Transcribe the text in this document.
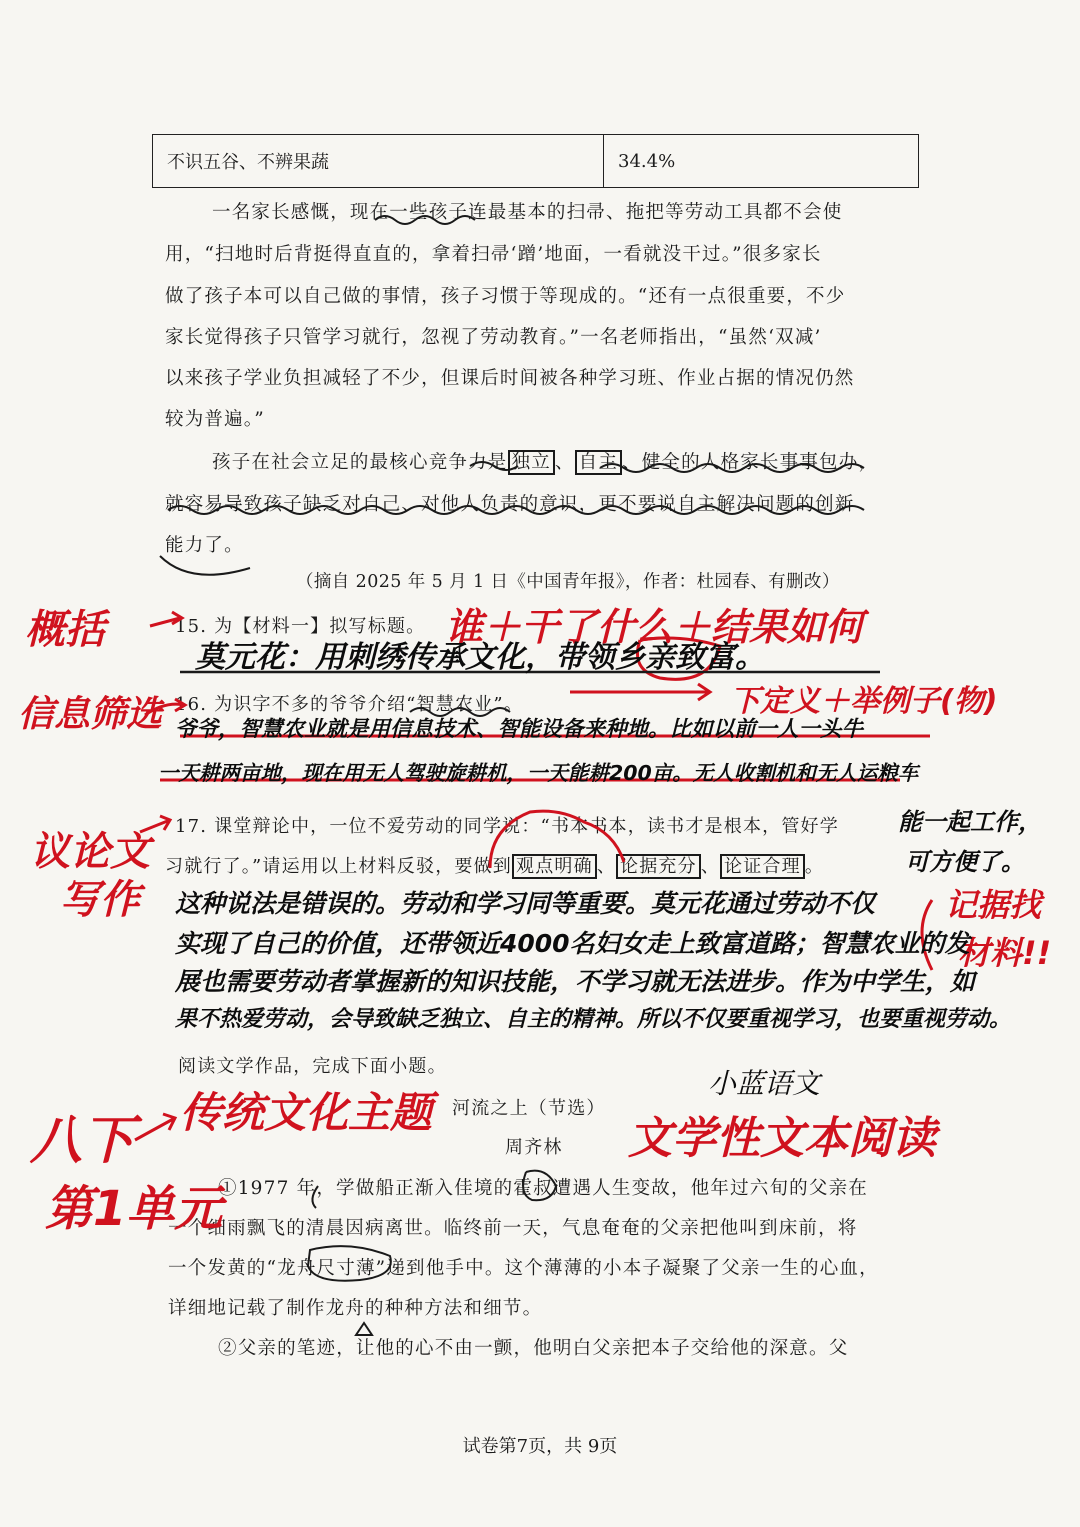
不识五谷、不辨果蔬	34.4%
一名家长感慨，现在一些孩子连最基本的扫帚、拖把等劳动工具都不会使
用，“扫地时后背挺得直直的，拿着扫帚‘蹭’地面，一看就没干过。”很多家长
做了孩子本可以自己做的事情，孩子习惯于等现成的。“还有一点很重要，不少
家长觉得孩子只管学习就行，忽视了劳动教育。”一名老师指出，“虽然‘双减’
以来孩子学业负担减轻了不少，但课后时间被各种学习班、作业占据的情况仍然
较为普遍。”
孩子在社会立足的最核心竞争力是 独立 、 自主 、健全的人格家长事事包办，
就容易导致孩子缺乏对自己、对他人负责的意识，更不要说自主解决问题的创新
能力了。
（摘自 2025 年 5 月 1 日《中国青年报》，作者：杜园春、有删改）
15. 为【材料一】拟写标题。
16. 为识字不多的爷爷介绍“智慧农业”。
17. 课堂辩论中，一位不爱劳动的同学说：“书本书本，读书才是根本，管好学
习就行了。”请运用以上材料反驳，要做到 观点明确 、 论据充分 、 论证合理 。
阅读文学作品，完成下面小题。
河流之上（节选）
周齐林
①1977 年，学做船正渐入佳境的霍叔遭遇人生变故，他年过六旬的父亲在
一个细雨飘飞的清晨因病离世。临终前一天，气息奄奄的父亲把他叫到床前，将
一个发黄的“龙舟尺寸薄”递到他手中。这个薄薄的小本子凝聚了父亲一生的心血，
详细地记载了制作龙舟的种种方法和细节。
②父亲的笔迹，让他的心不由一颤，他明白父亲把本子交给他的深意。父
试卷第7页，共 9页
概括
信息筛选
议论文
写作
八下
第1单元
谁＋干了什么＋结果如何
下定义＋举例子(物)
记据找
材料!!
传统文化主题
文学性文本阅读
小蓝语文
莫元花：用刺绣传承文化，带领乡亲致富。
爷爷，智慧农业就是用信息技术、智能设备来种地。比如以前一人一头牛
一天耕两亩地，现在用无人驾驶旋耕机，一天能耕200亩。无人收割机和无人运粮车
能一起工作，
可方便了。
这种说法是错误的。劳动和学习同等重要。莫元花通过劳动不仅
实现了自己的价值，还带领近4000名妇女走上致富道路；智慧农业的发
展也需要劳动者掌握新的知识技能，不学习就无法进步。作为中学生，如
果不热爱劳动，会导致缺乏独立、自主的精神。所以不仅要重视学习，也要重视劳动。
